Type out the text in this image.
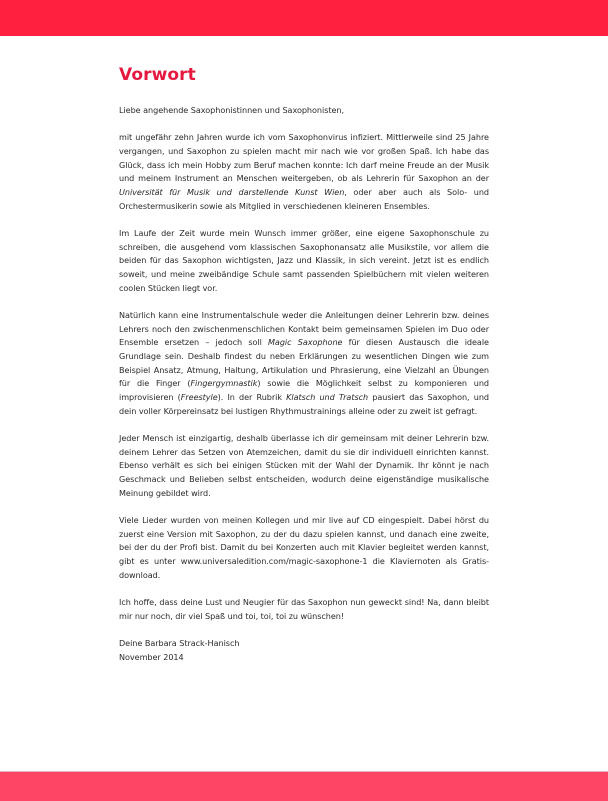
Vorwort

Liebe angehende Saxophonistinnen und Saxophonisten,

mit ungefähr zehn Jahren wurde ich vom Saxophonvirus infiziert. Mittlerweile sind 25 Jahre vergangen, und Saxophon zu spielen macht mir nach wie vor großen Spaß. Ich habe das Glück, dass ich mein Hobby zum Beruf machen konnte: Ich darf meine Freude an der Musik und meinem Instrument an Menschen weitergeben, ob als Lehrerin für Saxophon an der Universität für Musik und darstellende Kunst Wien, oder aber auch als Solo- und Orchestermusikerin sowie als Mitglied in verschiedenen kleineren Ensembles.

Im Laufe der Zeit wurde mein Wunsch immer größer, eine eigene Saxophonschule zu schreiben, die ausgehend vom klassischen Saxophonansatz alle Musikstile, vor allem die beiden für das Saxophon wichtigsten, Jazz und Klassik, in sich vereint. Jetzt ist es endlich soweit, und meine zweibändige Schule samt passenden Spielbüchern mit vielen weiteren coolen Stücken liegt vor.

Natürlich kann eine Instrumentalschule weder die Anleitungen deiner Lehrerin bzw. deines Lehrers noch den zwischenmenschlichen Kontakt beim gemeinsamen Spielen im Duo oder Ensemble ersetzen – jedoch soll Magic Saxophone für diesen Austausch die ideale Grundlage sein. Deshalb findest du neben Erklärungen zu wesentlichen Dingen wie zum Beispiel Ansatz, Atmung, Haltung, Artikulation und Phrasierung, eine Vielzahl an Übungen für die Finger (Fingergymnastik) sowie die Möglichkeit selbst zu komponieren und improvisieren (Freestyle). In der Rubrik Klatsch und Tratsch pausiert das Saxophon, und dein voller Körpereinsatz bei lustigen Rhythmustrainings alleine oder zu zweit ist gefragt.

Jeder Mensch ist einzigartig, deshalb überlasse ich dir gemeinsam mit deiner Lehrerin bzw. deinem Lehrer das Setzen von Atemzeichen, damit du sie dir individuell einrichten kannst. Ebenso verhält es sich bei einigen Stücken mit der Wahl der Dynamik. Ihr könnt je nach Geschmack und Belieben selbst entscheiden, wodurch deine eigenständige musikalische Meinung gebildet wird.

Viele Lieder wurden von meinen Kollegen und mir live auf CD eingespielt. Dabei hörst du zuerst eine Version mit Saxophon, zu der du dazu spielen kannst, und danach eine zweite, bei der du der Profi bist. Damit du bei Konzerten auch mit Klavier begleitet werden kannst, gibt es unter www.universaledition.com/magic-saxophone-1 die Klaviernoten als Gratis-download.

Ich hoffe, dass deine Lust und Neugier für das Saxophon nun geweckt sind! Na, dann bleibt mir nur noch, dir viel Spaß und toi, toi, toi zu wünschen!

Deine Barbara Strack-Hanisch

November 2014
